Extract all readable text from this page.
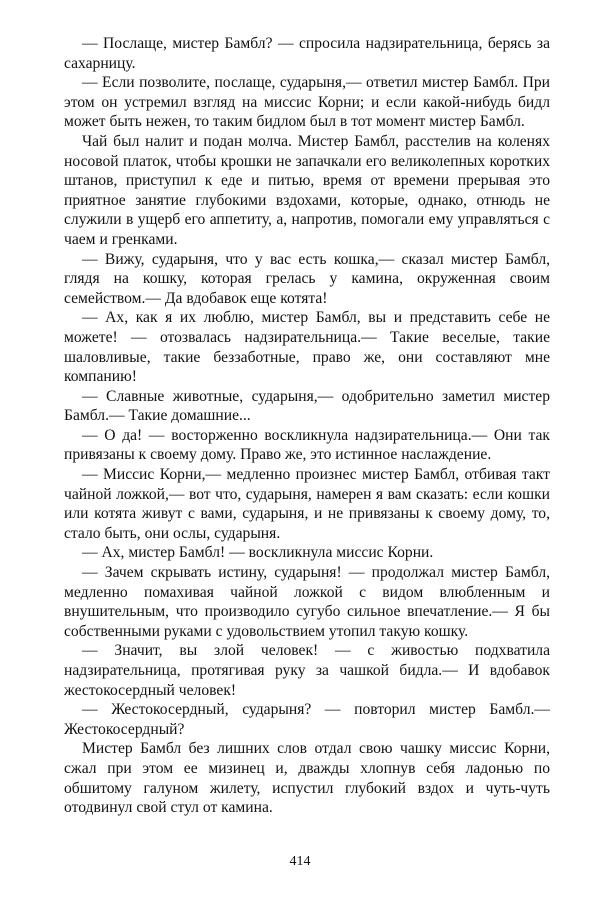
— Послаще, мистер Бамбл? — спросила надзирательница, берясь за сахарницу.

— Если позволите, послаще, сударыня,— ответил мистер Бамбл. При этом он устремил взгляд на миссис Корни; и если какой-нибудь бидл может быть нежен, то таким бидлом был в тот момент мистер Бамбл.

Чай был налит и подан молча. Мистер Бамбл, расстелив на коленях носовой платок, чтобы крошки не запачкали его великолепных коротких штанов, приступил к еде и питью, время от времени прерывая это приятное занятие глубокими вздохами, которые, однако, отнюдь не служили в ущерб его аппетиту, а, напротив, помогали ему управляться с чаем и гренками.

— Вижу, сударыня, что у вас есть кошка,— сказал мистер Бамбл, глядя на кошку, которая грелась у камина, окруженная своим семейством.— Да вдобавок еще котята!

— Ах, как я их люблю, мистер Бамбл, вы и представить себе не можете! — отозвалась надзирательница.— Такие веселые, такие шаловливые, такие беззаботные, право же, они составляют мне компанию!

— Славные животные, сударыня,— одобрительно заметил мистер Бамбл.— Такие домашние...

— О да! — восторженно воскликнула надзирательница.— Они так привязаны к своему дому. Право же, это истинное наслаждение.

— Миссис Корни,— медленно произнес мистер Бамбл, отбивая такт чайной ложкой,— вот что, сударыня, намерен я вам сказать: если кошки или котята живут с вами, сударыня, и не привязаны к своему дому, то, стало быть, они ослы, сударыня.

— Ах, мистер Бамбл! — воскликнула миссис Корни.

— Зачем скрывать истину, сударыня! — продолжал мистер Бамбл, медленно помахивая чайной ложкой с видом влюбленным и внушительным, что производило сугубо сильное впечатление.— Я бы собственными руками с удовольствием утопил такую кошку.

— Значит, вы злой человек! — с живостью подхватила надзирательница, протягивая руку за чашкой бидла.— И вдобавок жестокосердный человек!

— Жестокосердный, сударыня? — повторил мистер Бамбл.— Жестокосердный?

Мистер Бамбл без лишних слов отдал свою чашку миссис Корни, сжал при этом ее мизинец и, дважды хлопнув себя ладонью по обшитому галуном жилету, испустил глубокий вздох и чуть-чуть отодвинул свой стул от камина.

414
